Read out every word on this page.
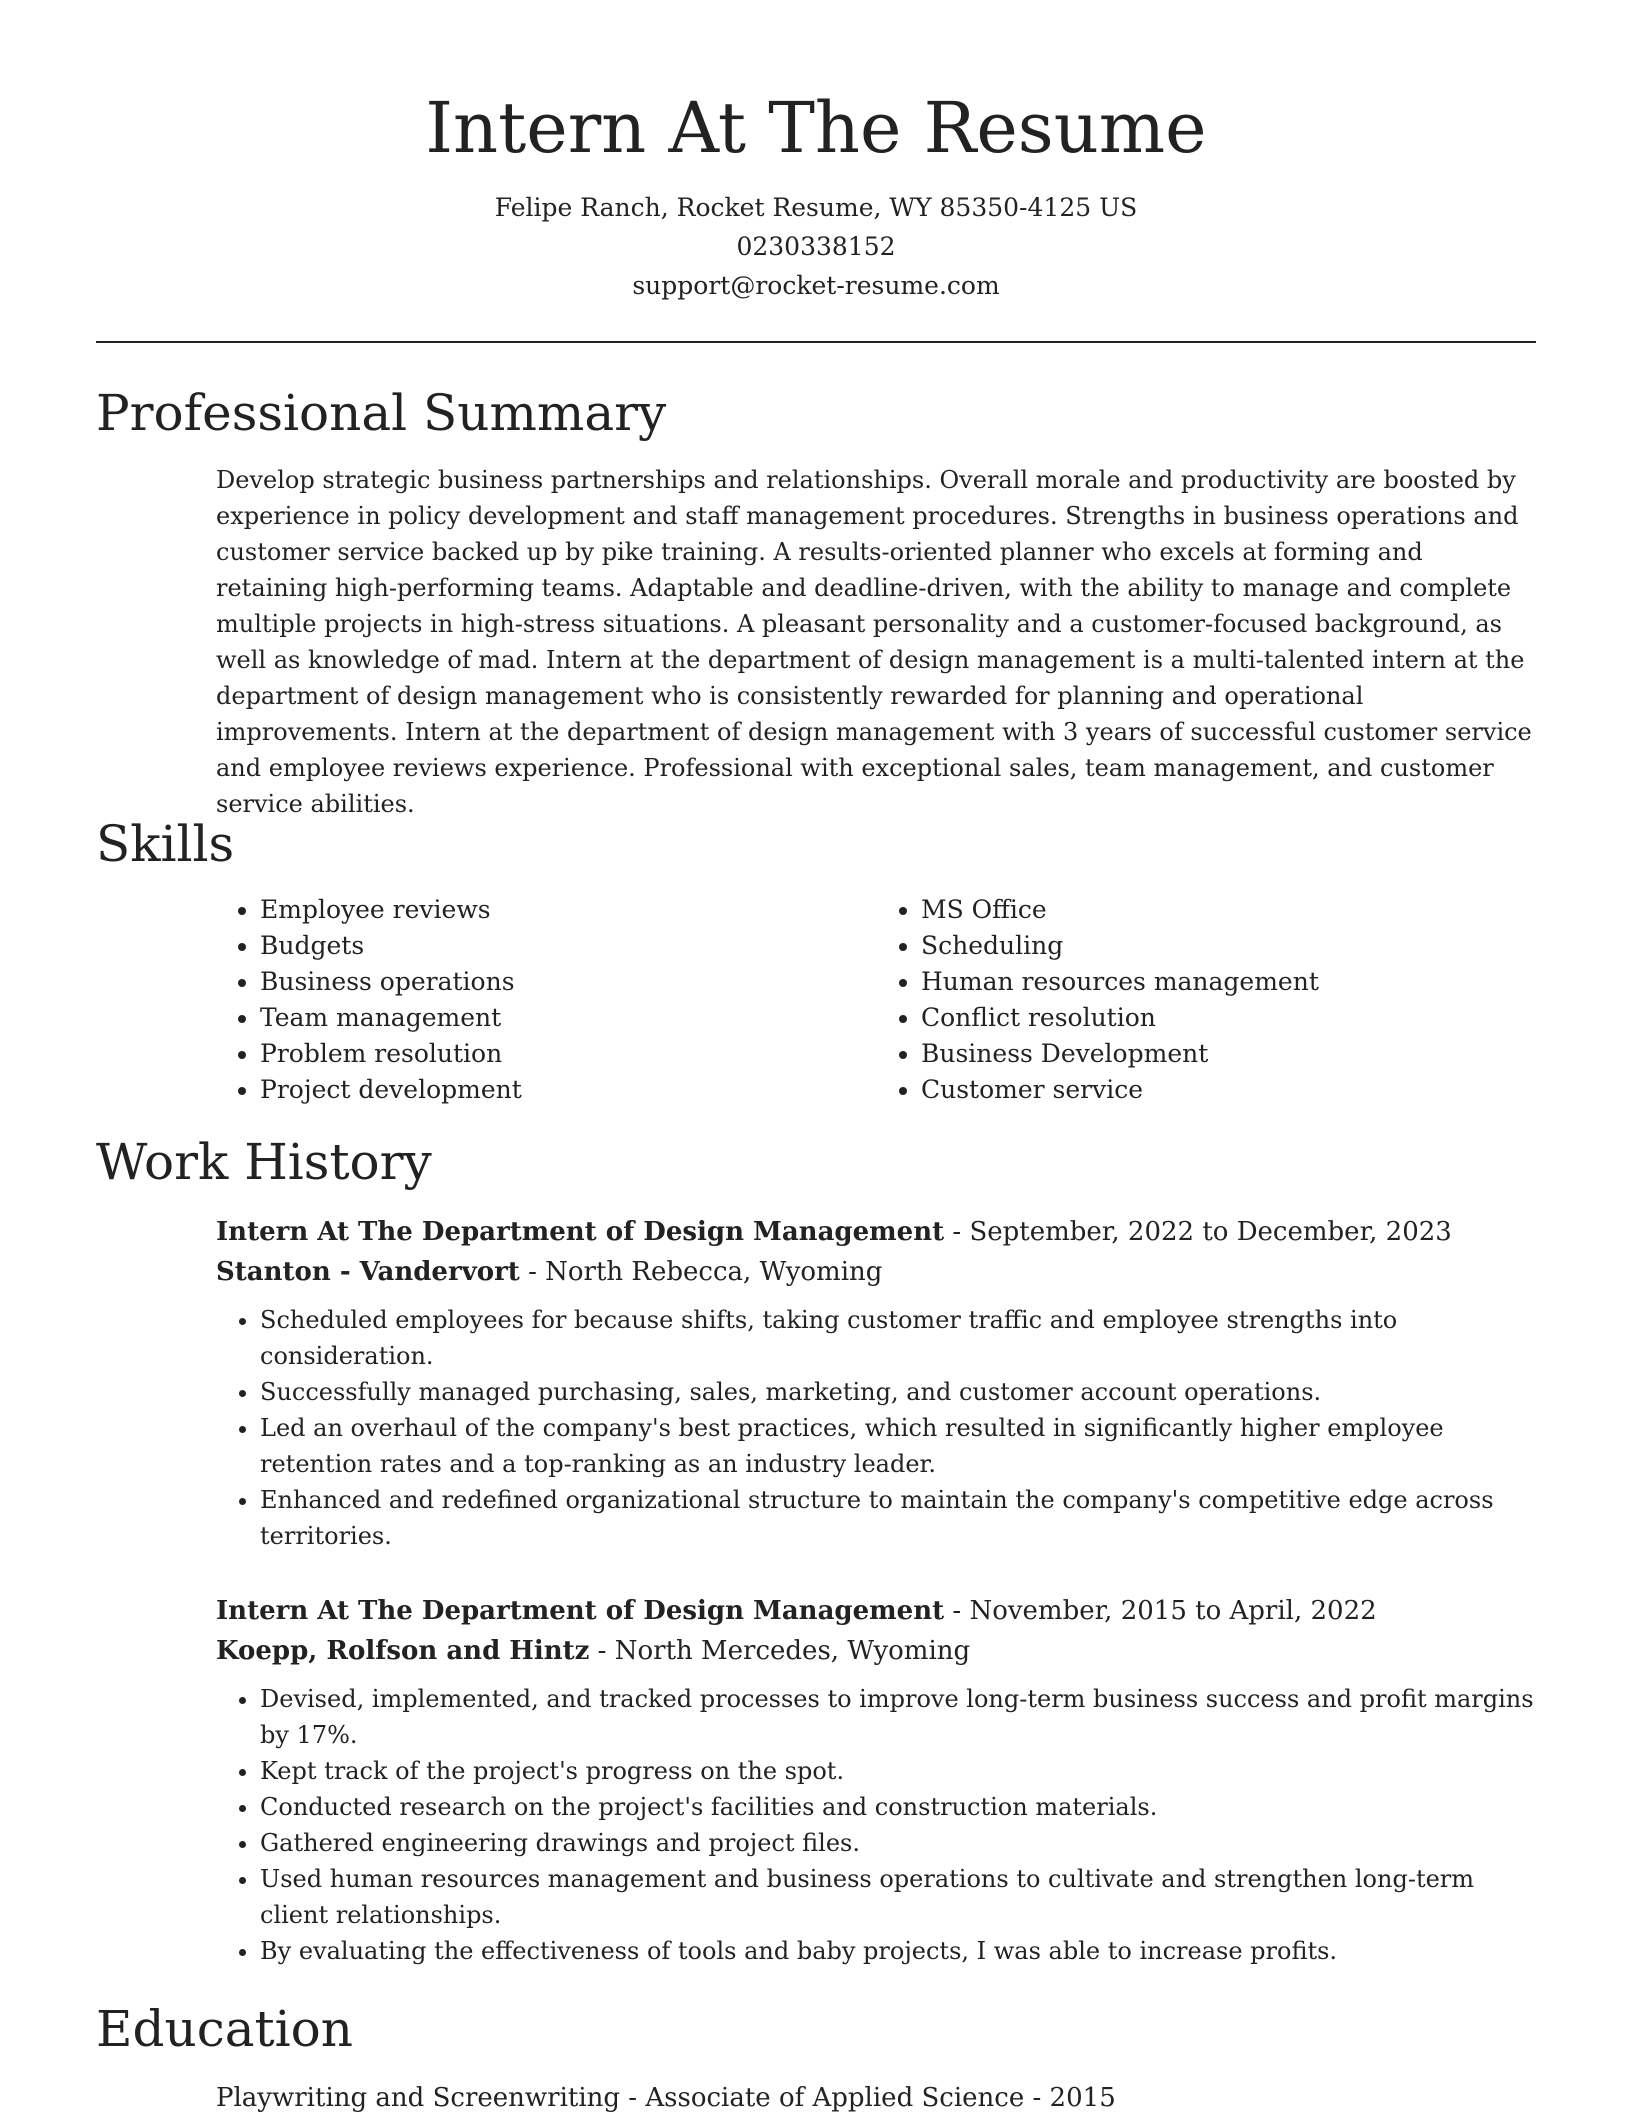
Intern At The Resume
Felipe Ranch, Rocket Resume, WY 85350-4125 US
0230338152
support@rocket-resume.com
Professional Summary

Develop strategic business partnerships and relationships. Overall morale and productivity are boosted by experience in policy development and staff management procedures. Strengths in business operations and customer service backed up by pike training. A results-oriented planner who excels at forming and retaining high-performing teams. Adaptable and deadline-driven, with the ability to manage and complete multiple projects in high-stress situations. A pleasant personality and a customer-focused background, as well as knowledge of mad. Intern at the department of design management is a multi-talented intern at the department of design management who is consistently rewarded for planning and operational improvements. Intern at the department of design management with 3 years of successful customer service and employee reviews experience. Professional with exceptional sales, team management, and customer service abilities.

Skills
• Employee reviews
• Budgets
• Business operations
• Team management
• Problem resolution
• Project development
• MS Office
• Scheduling
• Human resources management
• Conflict resolution
• Business Development
• Customer service
Work History

Intern At The Department of Design Management - September, 2022 to December, 2023

Stanton - Vandervort - North Rebecca, Wyoming

• Scheduled employees for because shifts, taking customer traffic and employee strengths into consideration.
• Successfully managed purchasing, sales, marketing, and customer account operations.
• Led an overhaul of the company's best practices, which resulted in significantly higher employee retention rates and a top-ranking as an industry leader.
• Enhanced and redefined organizational structure to maintain the company's competitive edge across territories.

Intern At The Department of Design Management - November, 2015 to April, 2022

Koepp, Rolfson and Hintz - North Mercedes, Wyoming

• Devised, implemented, and tracked processes to improve long-term business success and profit margins by 17%.
• Kept track of the project's progress on the spot.
• Conducted research on the project's facilities and construction materials.
• Gathered engineering drawings and project files.
• Used human resources management and business operations to cultivate and strengthen long-term client relationships.
• By evaluating the effectiveness of tools and baby projects, I was able to increase profits.
Education

Playwriting and Screenwriting - Associate of Applied Science - 2015
